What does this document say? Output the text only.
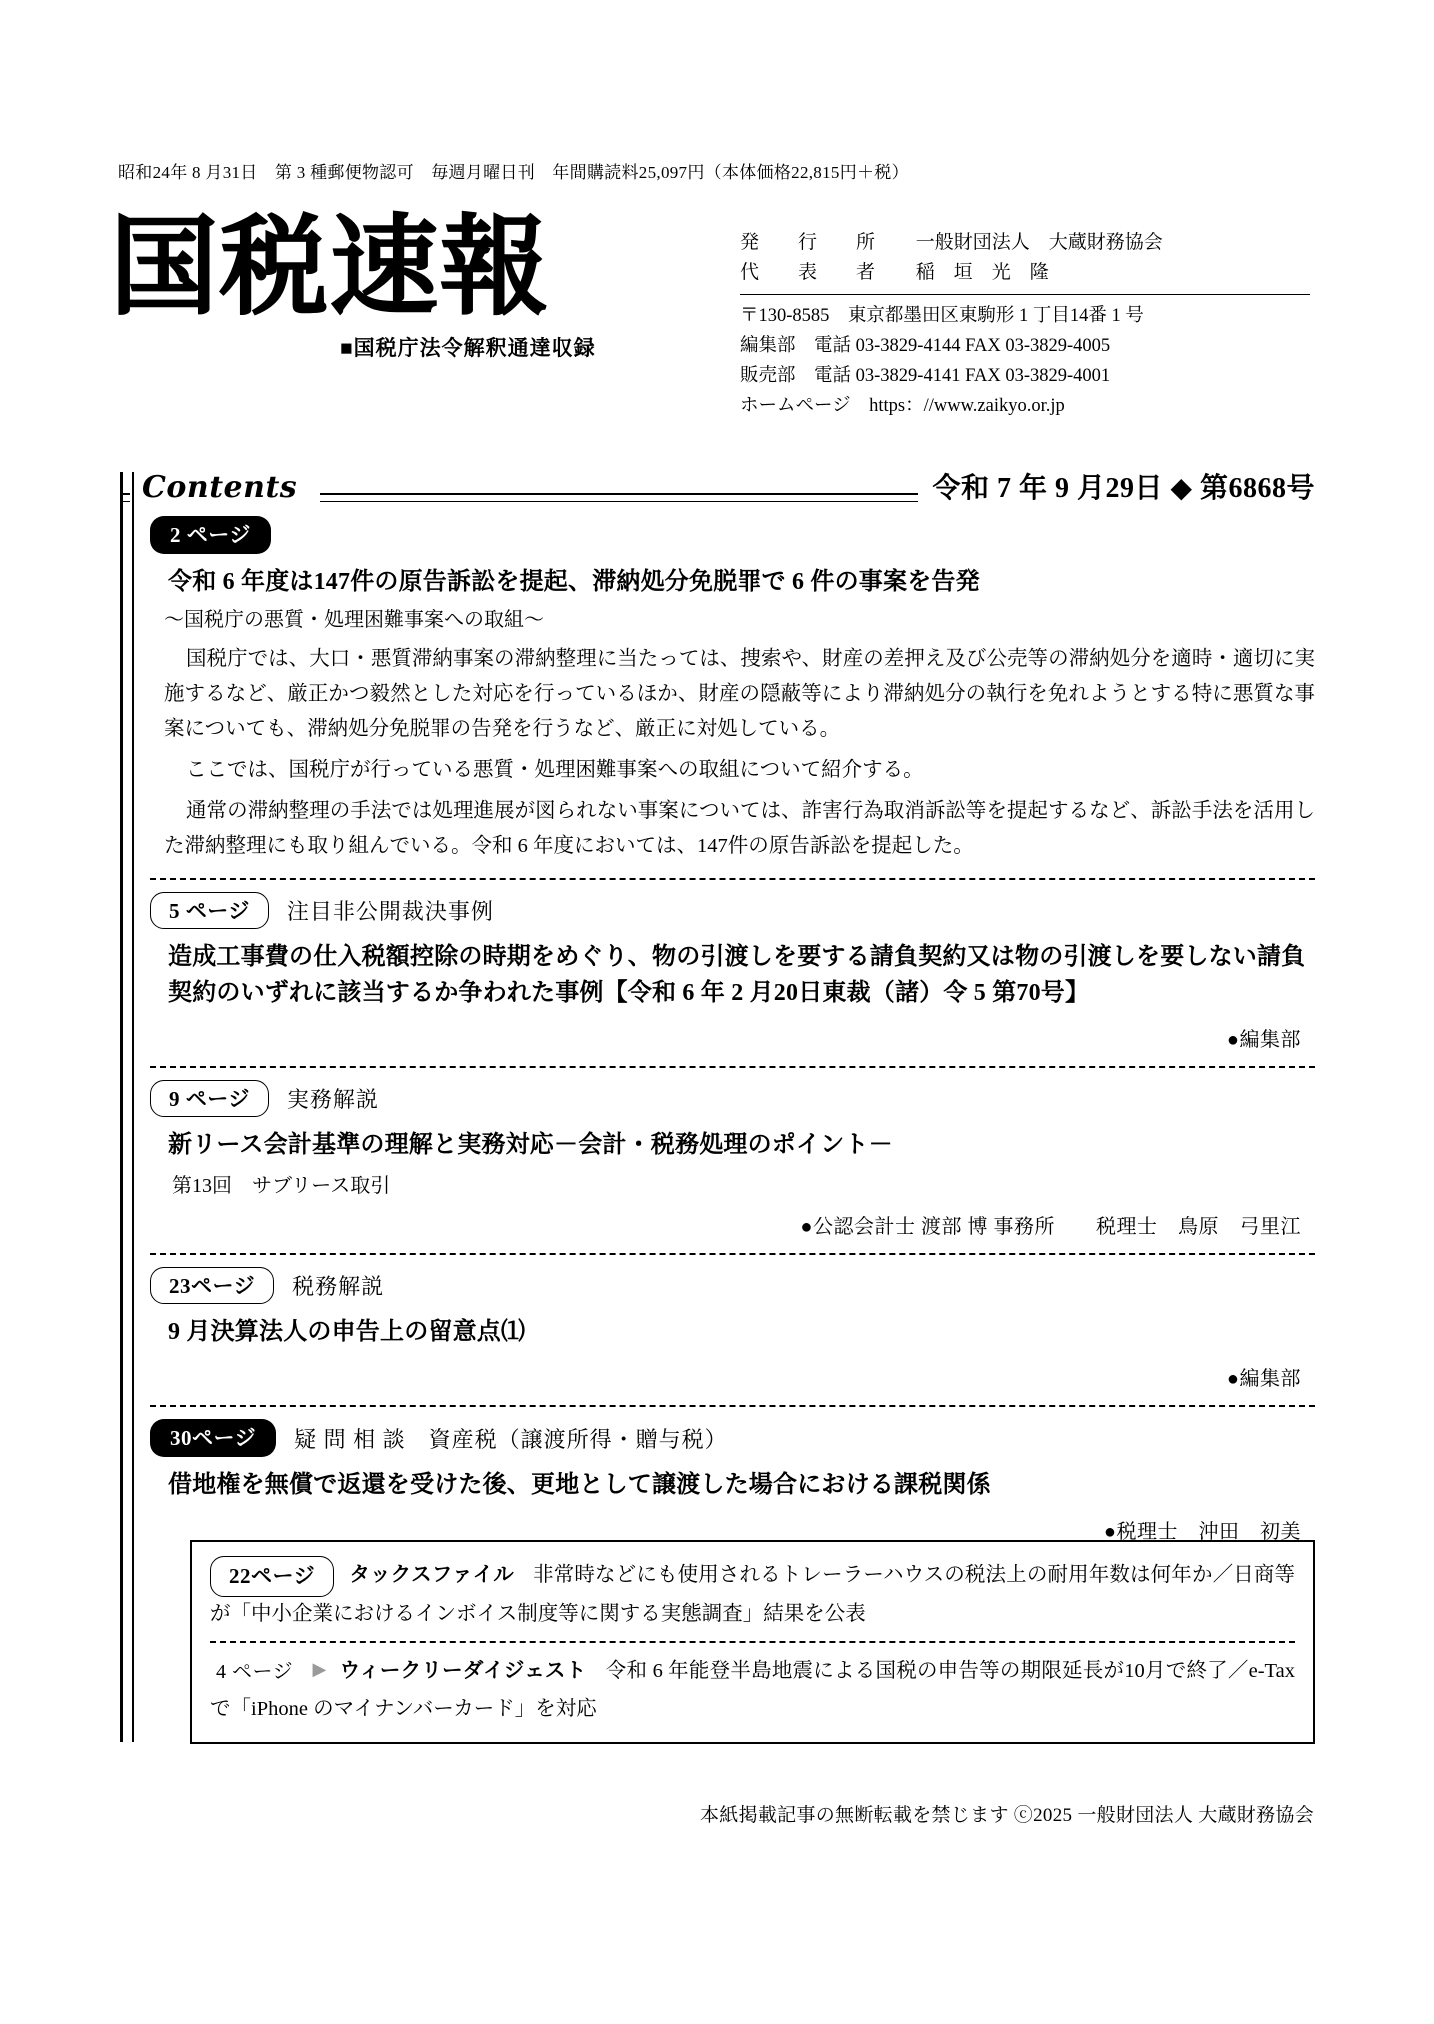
昭和24年 8 月31日　第 3 種郵便物認可　毎週月曜日刊　年間購読料25,097円（本体価格22,815円＋税）
国税速報
■国税庁法令解釈通達収録
発　行　所 一般財団法人　大蔵財務協会
代　表　者 稲　垣　光　隆
〒130-8585　東京都墨田区東駒形 1 丁目14番 1 号
編集部　電話 03-3829-4144 FAX 03-3829-4005
販売部　電話 03-3829-4141 FAX 03-3829-4001
ホームページ　https：//www.zaikyo.or.jp
Contents	令和 7 年 9 月29日 ◆ 第6868号
2 ページ
令和 6 年度は147件の原告訴訟を提起、滞納処分免脱罪で 6 件の事案を告発
〜国税庁の悪質・処理困難事案への取組〜
国税庁では、大口・悪質滞納事案の滞納整理に当たっては、捜索や、財産の差押え及び公売等の滞納処分を適時・適切に実施するなど、厳正かつ毅然とした対応を行っているほか、財産の隠蔽等により滞納処分の執行を免れようとする特に悪質な事案についても、滞納処分免脱罪の告発を行うなど、厳正に対処している。
ここでは、国税庁が行っている悪質・処理困難事案への取組について紹介する。
通常の滞納整理の手法では処理進展が図られない事案については、詐害行為取消訴訟等を提起するなど、訴訟手法を活用した滞納整理にも取り組んでいる。令和 6 年度においては、147件の原告訴訟を提起した。
5 ページ 注目非公開裁決事例
造成工事費の仕入税額控除の時期をめぐり、物の引渡しを要する請負契約又は物の引渡しを要しない請負契約のいずれに該当するか争われた事例【令和 6 年 2 月20日東裁（諸）令 5 第70号】
●編集部
9 ページ 実務解説
新リース会計基準の理解と実務対応－会計・税務処理のポイント－
第13回　サブリース取引
●公認会計士 渡部 博 事務所　　税理士　鳥原　弓里江
23ページ 税務解説
9 月決算法人の申告上の留意点⑴
●編集部
30ページ 疑 問 相 談　資産税（譲渡所得・贈与税）
借地権を無償で返還を受けた後、更地として譲渡した場合における課税関係
●税理士　沖田　初美
22ページ タックスファイル 非常時などにも使用されるトレーラーハウスの税法上の耐用年数は何年か／日商等が「中小企業におけるインボイス制度等に関する実態調査」結果を公表
4 ページ ▶ ウィークリーダイジェスト 令和 6 年能登半島地震による国税の申告等の期限延長が10月で終了／e-Tax で「iPhone のマイナンバーカード」を対応
本紙掲載記事の無断転載を禁じます ⓒ2025 一般財団法人 大蔵財務協会
